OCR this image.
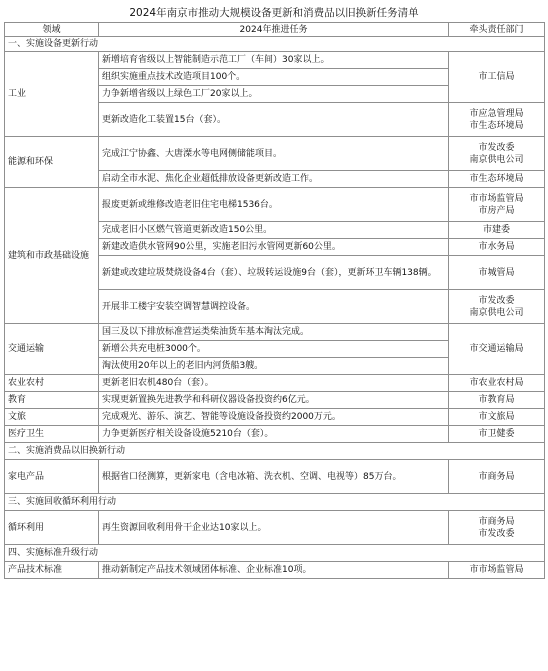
2024年南京市推动大规模设备更新和消费品以旧换新任务清单
领域	2024年推进任务	牵头责任部门
一、实施设备更新行动		
工业	新增培育省级以上智能制造示范工厂（车间）30家以上。	市工信局
	组织实施重点技术改造项目100个。	
	力争新增省级以上绿色工厂20家以上。	
	更新改造化工装置15台（套）。	市应急管理局
市生态环境局
能源和环保	完成江宁协鑫、大唐溧水等电网侧储能项目。	市发改委
南京供电公司
	启动全市水泥、焦化企业超低排放设备更新改造工作。	市生态环境局
建筑和市政基础设施	报废更新或维修改造老旧住宅电梯1536台。	市市场监管局
市房产局
	完成老旧小区燃气管道更新改造150公里。	市建委
	新建改造供水管网90公里，实施老旧污水管网更新60公里。	市水务局
	新建或改建垃圾焚烧设备4台（套）、垃圾转运设施9台（套），更新环卫车辆138辆。	市城管局
	开展非工楼宇安装空调智慧调控设备。	市发改委
南京供电公司
交通运输	国三及以下排放标准营运类柴油货车基本淘汰完成。	市交通运输局
	新增公共充电桩3000个。	
	淘汰使用20年以上的老旧内河货船3艘。	
农业农村	更新老旧农机480台（套）。	市农业农村局
教育	实现更新置换先进教学和科研仪器设备投资约6亿元。	市教育局
文旅	完成观光、游乐、演艺、智能等设施设备投资约2000万元。	市文旅局
医疗卫生	力争更新医疗相关设备设施5210台（套）。	市卫健委
二、实施消费品以旧换新行动		
家电产品	根据省口径测算，更新家电（含电冰箱、洗衣机、空调、电视等）85万台。	市商务局
三、实施回收循环利用行动		
循环利用	再生资源回收利用骨干企业达10家以上。	市商务局
市发改委
四、实施标准升级行动		
产品技术标准	推动新制定产品技术领域团体标准、企业标准10项。	市市场监管局
